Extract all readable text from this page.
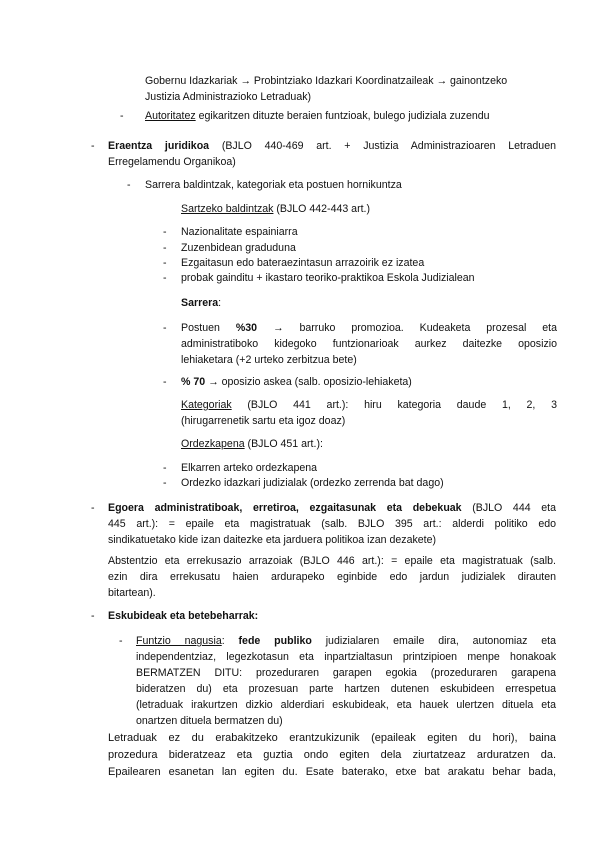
Gobernu Idazkariak → Probintziako Idazkari Koordinatzaileak → gainontzeko
Justizia Administrazioko Letraduak)
- Autoritatez egikaritzen dituzte beraien funtzioak, bulego judiziala zuzendu
- Eraentza juridikoa (BJLO 440-469 art. + Justizia Administrazioaren Letraduen
Erregelamendu Organikoa)
- Sarrera baldintzak, kategoriak eta postuen hornikuntza
Sartzeko baldintzak (BJLO 442-443 art.)
- Nazionalitate espainiarra
- Zuzenbidean graduduna
- Ezgaitasun edo bateraezintasun arrazoirik ez izatea
- probak gainditu + ikastaro teoriko-praktikoa Eskola Judizialean
Sarrera:
- Postuen %30 → barruko promozioa. Kudeaketa prozesal eta
administratiboko kidegoko funtzionarioak aurkez daitezke oposizio
lehiaketara (+2 urteko zerbitzua bete)
- % 70 → oposizio askea (salb. oposizio-lehiaketa)
Kategoriak (BJLO 441 art.): hiru kategoria daude 1, 2, 3
(hirugarrenetik sartu eta igoz doaz)
Ordezkapena (BJLO 451 art.):
- Elkarren arteko ordezkapena
- Ordezko idazkari judizialak (ordezko zerrenda bat dago)
- Egoera administratiboak, erretiroa, ezgaitasunak eta debekuak (BJLO 444 eta
445 art.): = epaile eta magistratuak (salb. BJLO 395 art.: alderdi politiko edo
sindikatuetako kide izan daitezke eta jarduera politikoa izan dezakete)
Abstentzio eta errekusazio arrazoiak (BJLO 446 art.): = epaile eta magistratuak (salb.
ezin dira errekusatu haien ardurapeko eginbide edo jardun judizialek dirauten
bitartean).
- Eskubideak eta betebeharrak:
- Funtzio nagusia: fede publiko judizialaren emaile dira, autonomiaz eta
independentziaz, legezkotasun eta inpartzialtasun printzipioen menpe honakoak
BERMATZEN DITU: prozeduraren garapen egokia (prozeduraren garapena
bideratzen du) eta prozesuan parte hartzen dutenen eskubideen errespetua
(letraduak irakurtzen dizkio alderdiari eskubideak, eta hauek ulertzen dituela eta
onartzen dituela bermatzen du)
Letraduak ez du erabakitzeko erantzukizunik (epaileak egiten du hori), baina
prozedura bideratzeaz eta guztia ondo egiten dela ziurtatzeaz arduratzen da.
Epailearen esanetan lan egiten du. Esate baterako, etxe bat arakatu behar bada,
